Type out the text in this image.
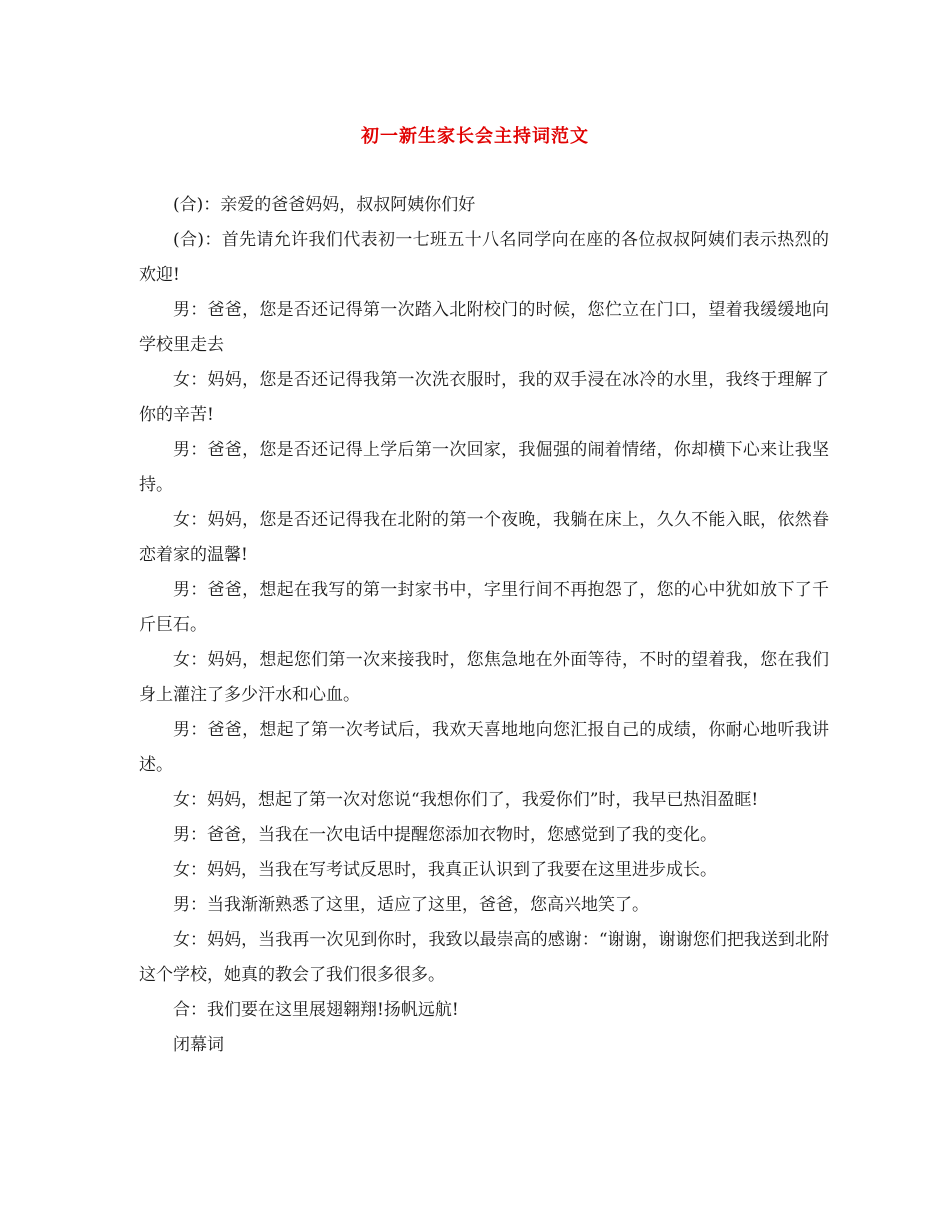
初一新生家长会主持词范文

(合)：亲爱的爸爸妈妈，叔叔阿姨你们好

(合)：首先请允许我们代表初一七班五十八名同学向在座的各位叔叔阿姨们表示热烈的欢迎!

男：爸爸，您是否还记得第一次踏入北附校门的时候，您伫立在门口，望着我缓缓地向学校里走去

女：妈妈，您是否还记得我第一次洗衣服时，我的双手浸在冰冷的水里，我终于理解了你的辛苦!

男：爸爸，您是否还记得上学后第一次回家，我倔强的闹着情绪，你却横下心来让我坚持。

女：妈妈，您是否还记得我在北附的第一个夜晚，我躺在床上，久久不能入眠，依然眷恋着家的温馨!

男：爸爸，想起在我写的第一封家书中，字里行间不再抱怨了，您的心中犹如放下了千斤巨石。

女：妈妈，想起您们第一次来接我时，您焦急地在外面等待，不时的望着我，您在我们身上灌注了多少汗水和心血。

男：爸爸，想起了第一次考试后，我欢天喜地地向您汇报自己的成绩，你耐心地听我讲述。

女：妈妈，想起了第一次对您说“我想你们了，我爱你们”时，我早已热泪盈眶!

男：爸爸，当我在一次电话中提醒您添加衣物时，您感觉到了我的变化。

女：妈妈，当我在写考试反思时，我真正认识到了我要在这里进步成长。

男：当我渐渐熟悉了这里，适应了这里，爸爸，您高兴地笑了。

女：妈妈，当我再一次见到你时，我致以最崇高的感谢：“谢谢，谢谢您们把我送到北附这个学校，她真的教会了我们很多很多。

合：我们要在这里展翅翱翔!扬帆远航!

闭幕词
